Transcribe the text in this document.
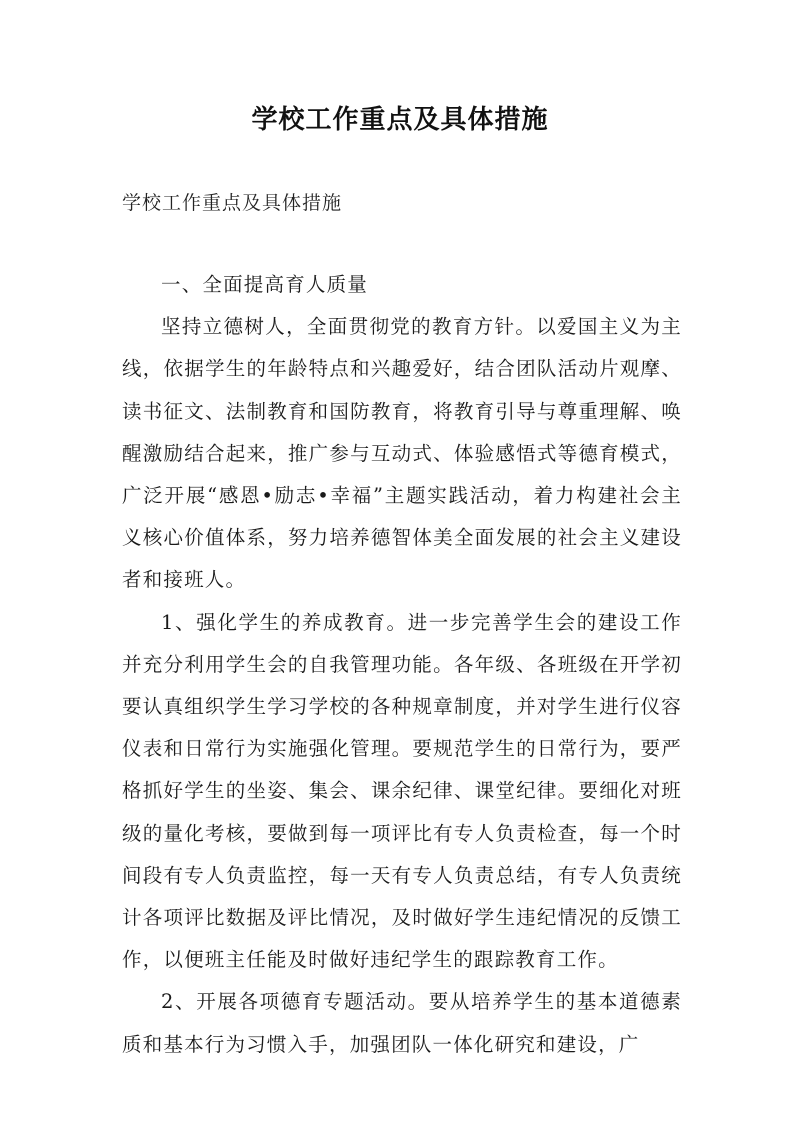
学校工作重点及具体措施
学校工作重点及具体措施

一、全面提高育人质量

坚持立德树人，全面贯彻党的教育方针。以爱国主义为主线，依据学生的年龄特点和兴趣爱好，结合团队活动片观摩、读书征文、法制教育和国防教育，将教育引导与尊重理解、唤醒激励结合起来，推广参与互动式、体验感悟式等德育模式，广泛开展“感恩•励志•幸福”主题实践活动，着力构建社会主义核心价值体系，努力培养德智体美全面发展的社会主义建设者和接班人。

1、强化学生的养成教育。进一步完善学生会的建设工作并充分利用学生会的自我管理功能。各年级、各班级在开学初要认真组织学生学习学校的各种规章制度，并对学生进行仪容仪表和日常行为实施强化管理。要规范学生的日常行为，要严格抓好学生的坐姿、集会、课余纪律、课堂纪律。要细化对班级的量化考核，要做到每一项评比有专人负责检查，每一个时间段有专人负责监控，每一天有专人负责总结，有专人负责统计各项评比数据及评比情况，及时做好学生违纪情况的反馈工作，以便班主任能及时做好违纪学生的跟踪教育工作。

2、开展各项德育专题活动。要从培养学生的基本道德素质和基本行为习惯入手，加强团队一体化研究和建设，广
